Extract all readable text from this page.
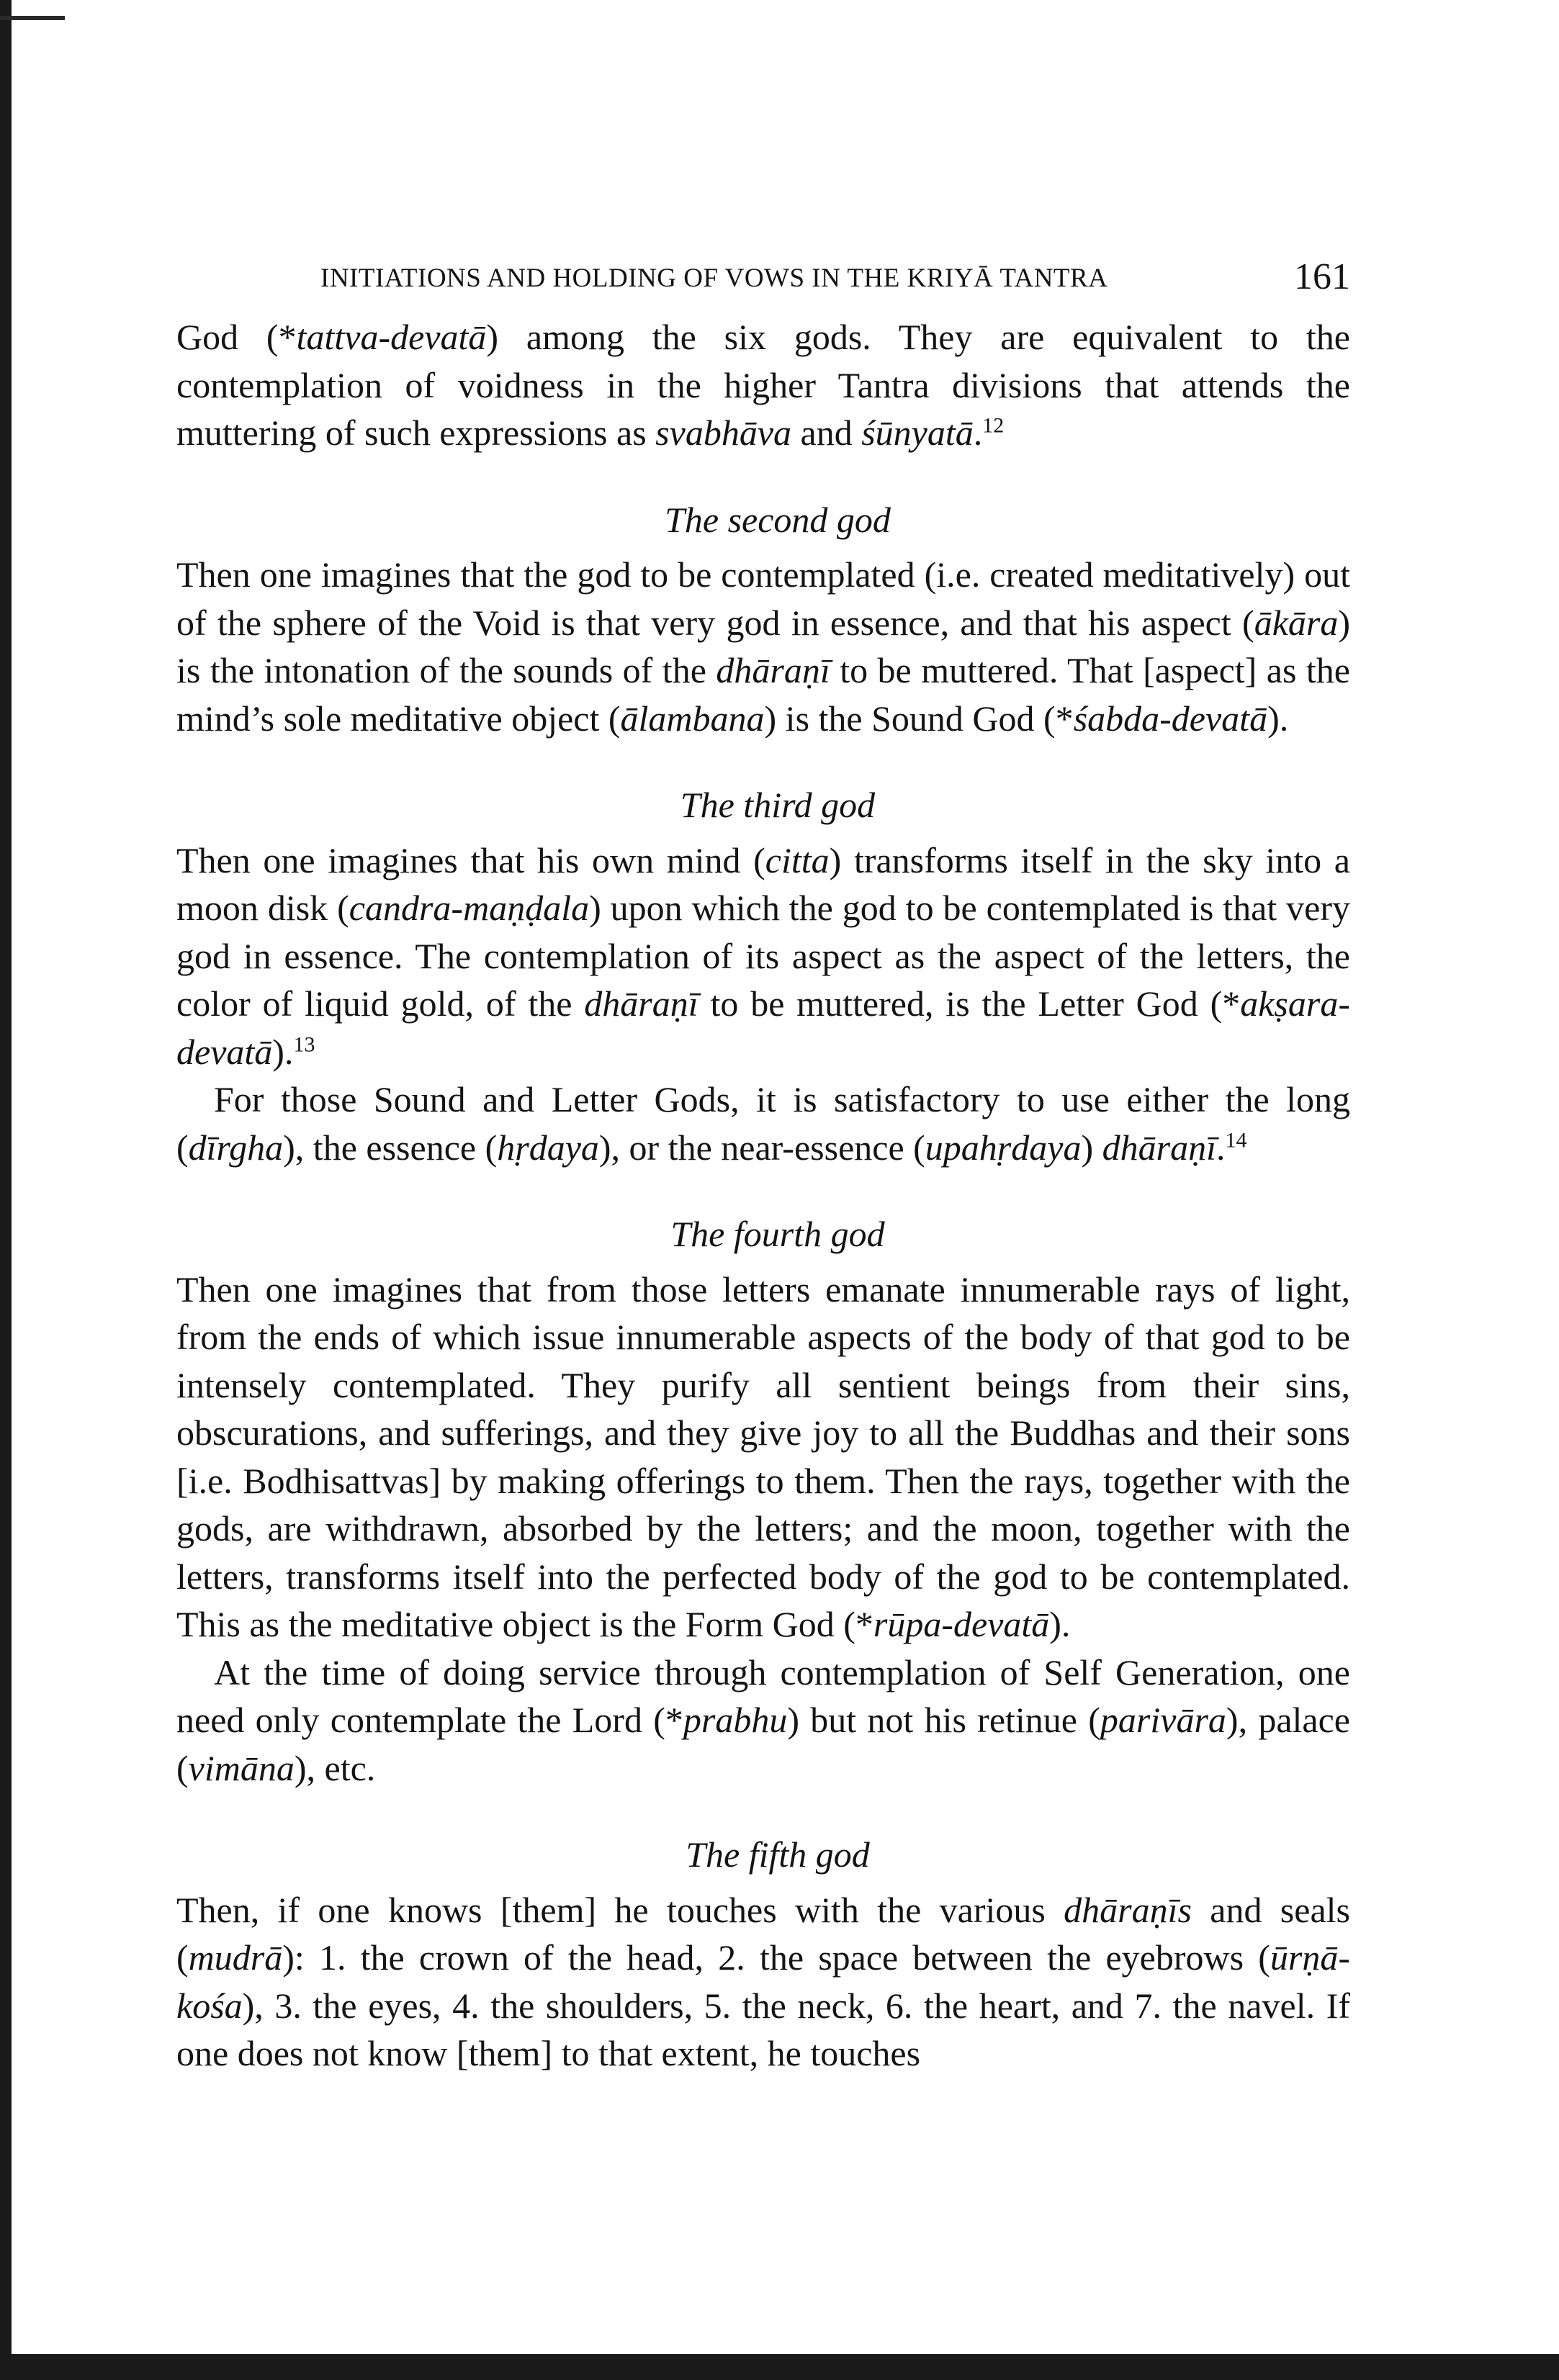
INITIATIONS AND HOLDING OF VOWS IN THE KRIYĀ TANTRA	161

God (*tattva-devatā) among the six gods. They are equivalent to the contemplation of voidness in the higher Tantra divisions that attends the muttering of such expressions as svabhāva and śūnyatā.$^{12}$

The second god

Then one imagines that the god to be contemplated (i.e. created meditatively) out of the sphere of the Void is that very god in essence, and that his aspect (ākāra) is the intonation of the sounds of the dhāraṇī to be muttered. That [aspect] as the mind’s sole meditative object (ālambana) is the Sound God (*śabda-devatā).

The third god

Then one imagines that his own mind (citta) transforms itself in the sky into a moon disk (candra-maṇḍala) upon which the god to be contemplated is that very god in essence. The contemplation of its aspect as the aspect of the letters, the color of liquid gold, of the dhāraṇī to be muttered, is the Letter God (*akṣara-devatā).$^{13}$

For those Sound and Letter Gods, it is satisfactory to use either the long (dīrgha), the essence (hṛdaya), or the near-essence (upahṛdaya) dhāraṇī.$^{14}$

The fourth god

Then one imagines that from those letters emanate innumerable rays of light, from the ends of which issue innumerable aspects of the body of that god to be intensely contemplated. They purify all sentient beings from their sins, obscurations, and sufferings, and they give joy to all the Buddhas and their sons [i.e. Bodhisattvas] by making offerings to them. Then the rays, together with the gods, are withdrawn, absorbed by the letters; and the moon, together with the letters, transforms itself into the perfected body of the god to be contemplated. This as the meditative object is the Form God (*rūpa-devatā).

At the time of doing service through contemplation of Self Generation, one need only contemplate the Lord (*prabhu) but not his retinue (parivāra), palace (vimāna), etc.

The fifth god

Then, if one knows [them] he touches with the various dhāraṇīs and seals (mudrā): 1. the crown of the head, 2. the space between the eyebrows (ūrṇā-kośa), 3. the eyes, 4. the shoulders, 5. the neck, 6. the heart, and 7. the navel. If one does not know [them] to that extent, he touches
